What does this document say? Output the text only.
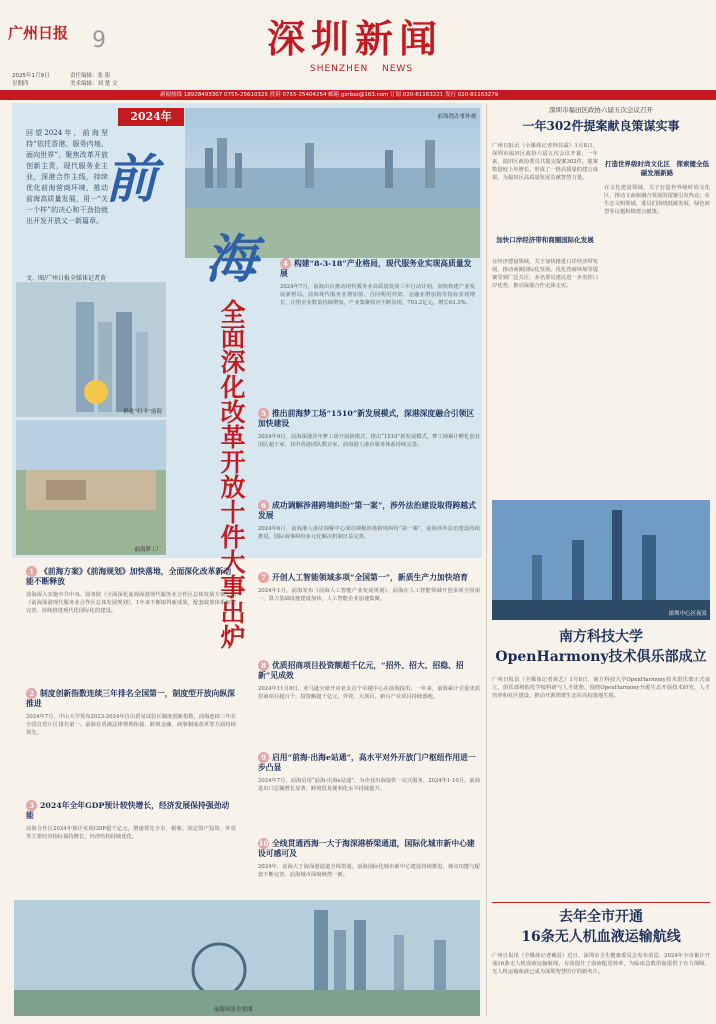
广州日报 9	深圳新闻
SHENZHEN NEWS
2025年1月9日
星期四
责任编辑：张 影
美术编辑：刘 楚 文
新闻热线 18928493307 0755-25610325 投诉 0755-25404254 邮箱 gzrbsz@163.com 订阅 020-81163221 发行 020-81163279
2024年
回望2024年，前海坚持“依托香港、服务内地、面向世界”，聚焦改革开放创新主责，现代服务业主业，深港合作主线，持续优化前海营商环境，推动前海高质量发展，用一“关一个样”的决心和干劲拾就出开发开放又一新篇章。
前海湾办事外观
前
海
文、图/广州日报全媒体记者黄
奶龙“打卡”前海
前海梦工厂
全面深化改革开放十件大事出炉
4 构建“8-3-18”产业格局，现代服务业实现高质量发展
2024年7月，前海出台推动现代服务业高质量发展三年行动计划，加快构建产业发展新格局。前海现代服务业增加值、合同利用外资、金融业增加值等指标实现增长，注册企业数量持续增加，产业集聚效应不断显现，703.2亿元，增长63.3%。
5 推出前海梦工场“1510”新发展模式，深港深度融合引领区加快建设
2024年9月，前海深港青年梦工场开展新模式，推出“1510”新发展模式，梦工场累计孵化创业团队超千家，其中香港团队数百家，前海港人港企服务体系持续完善。
6 成功调解涉港跨境纠纷“第一案”，涉外法治建设取得跨越式发展
2024年6月，前海港人港法调解中心成功调解涉港跨境纠纷“第一案”，前海涉外法治建设持续推进，国际商事纠纷多元化解决机制日益完善。
1 《前海方案》《前海规划》加快落地，全面深化改革新动能不断释放
前海深入实施中共中央、国务院《全面深化前海深港现代服务业合作区总体发展方案》和《前海深港现代服务业合作区总体发展规划》，1年来不断取得新成果，配套政策体系加快完善，持续推进现代化国际化的建设。
7 开创人工智能领域多项“全国第一”，新质生产力加快培育
2024年1月，前海发布《前海人工智能产业发展规划》，前海在人工智能领域开创多项全国第一，算力基础设施建设加快，人工智能企业加速集聚。
2 制度创新指数连续三年排名全国第一，制度型开放向纵深推进
2024年7月，中山大学发布2023-2024年自由贸易试验区制度创新指数，前海连续三年在全国自贸片区排名第一。前海在香港法律规则衔接、跨境金融、商事制度改革等方面持续领先。
8 优质招商项目投资额超千亿元，“招外、招大、招稳、招新”见成效
2024年11月8日，亚马逊全球开店亚太首个卓越中心在前海投用。一年来，前海累计引进优质招商项目超百个，投资额超千亿元，外资、大项目、新兴产业项目持续落地。
9 启用“前海·出海e站通”，高水平对外开放门户枢纽作用进一步凸显
2024年7月，前海启用“前海·出海e站通”，为企业出海提供一站式服务，2024年1-10月，前海进出口总额增长显著，跨境贸易便利化水平持续提升。
3 2024年全年GDP预计较快增长，经济发展保持强劲动能
前海合作区2024年预计实现GDP超千亿元，增速领先全市，税收、固定资产投资、外贸等主要经济指标保持增长，经济结构持续优化。
10 全线贯通西海一大于海深港桥梁通道，国际化城市新中心建设可感可及
2024年，前海大于海深港通道全线贯通，前海国际化城市新中心建设持续推进，城市功能与配套不断完善，前海城市面貌焕然一新。
前海风景全景图
深圳市福田区政协六届五次会议召开
一年302件提案献良策谋实事
广州日报讯（全媒体记者钟其霖）1月8日，深圳市福田区政协六届五次会议开幕，一年来，福田区政协委员共提交提案302件，提案数量较上年增长，形成了一批高质量的建言成果，为福田区高质量发展贡献智慧力量。
加快口岸经济带和商圈国际化发展
在经济建设领域，关于加快推进口岸经济带发展、推动商圈国际化发展、优化营商环境等提案受到广泛关注，多名委员建议进一步发挥口岸优势，推动深港合作走深走实。
打造世界级时尚文化区　探索健全低碳发展新路
在文化建设领域，关于打造世界级时尚文化区、推动文商旅融合发展的提案引发热议；在生态文明领域，委员们围绕低碳发展、绿色转型等议题积极建言献策。
深圳中心区夜景
南方科技大学
OpenHarmony技术俱乐部成立
广州日报讯（全媒体记者黄艺）1月8日，南方科技大学OpenHarmony技术俱乐部正式成立，俱乐部将依托学校科研与人才优势，围绕OpenHarmony开源生态开展技术研究、人才培养和社区建设，推动开源鸿蒙生态在高校落地生根。
去年全市开通
16条无人机血液运输航线
广州日报讯（全媒体记者戴晨）近日，深圳市卫生健康委员会发布消息，2024年全市累计开通16条无人机血液运输航线，有效提升了血液配送效率，为临床急救用血提供了有力保障，无人机运输血液已成为深圳智慧医疗的新名片。
